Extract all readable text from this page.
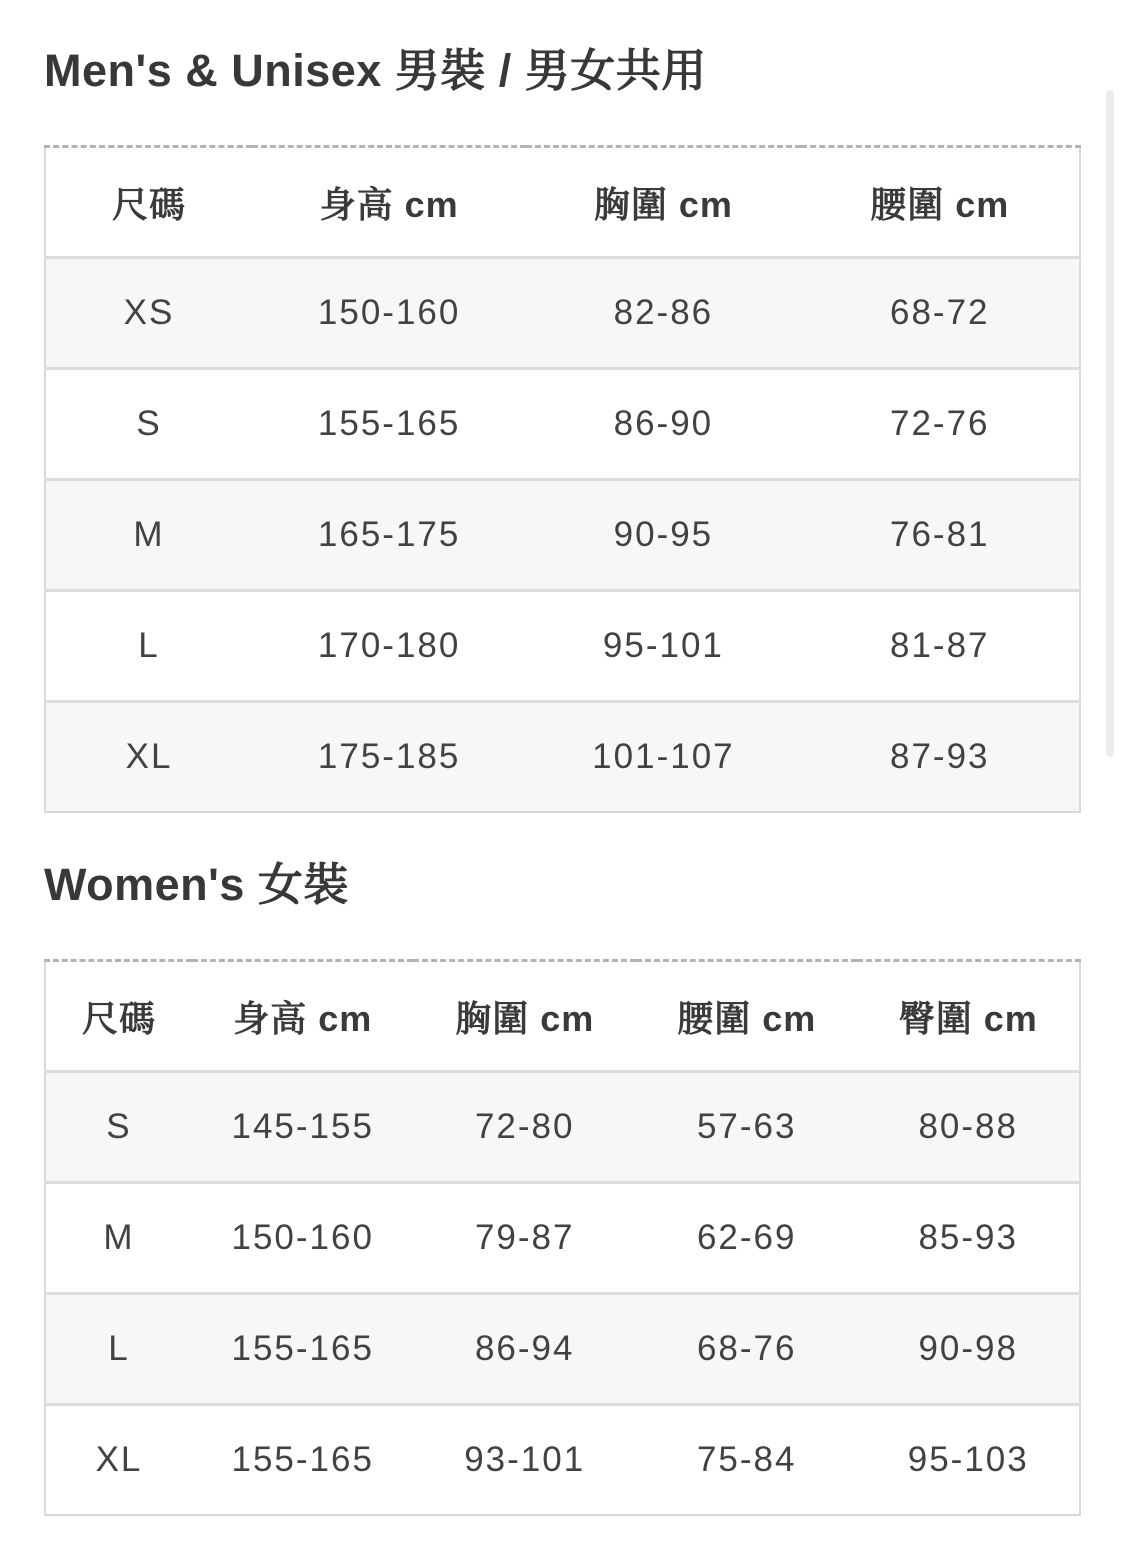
Men's & Unisex 男裝 / 男女共用
尺碼	身高 cm	胸圍 cm	腰圍 cm
XS	150-160	82-86	68-72
S	155-165	86-90	72-76
M	165-175	90-95	76-81
L	170-180	95-101	81-87
XL	175-185	101-107	87-93
Women's 女裝
尺碼	身高 cm	胸圍 cm	腰圍 cm	臀圍 cm
S	145-155	72-80	57-63	80-88
M	150-160	79-87	62-69	85-93
L	155-165	86-94	68-76	90-98
XL	155-165	93-101	75-84	95-103
